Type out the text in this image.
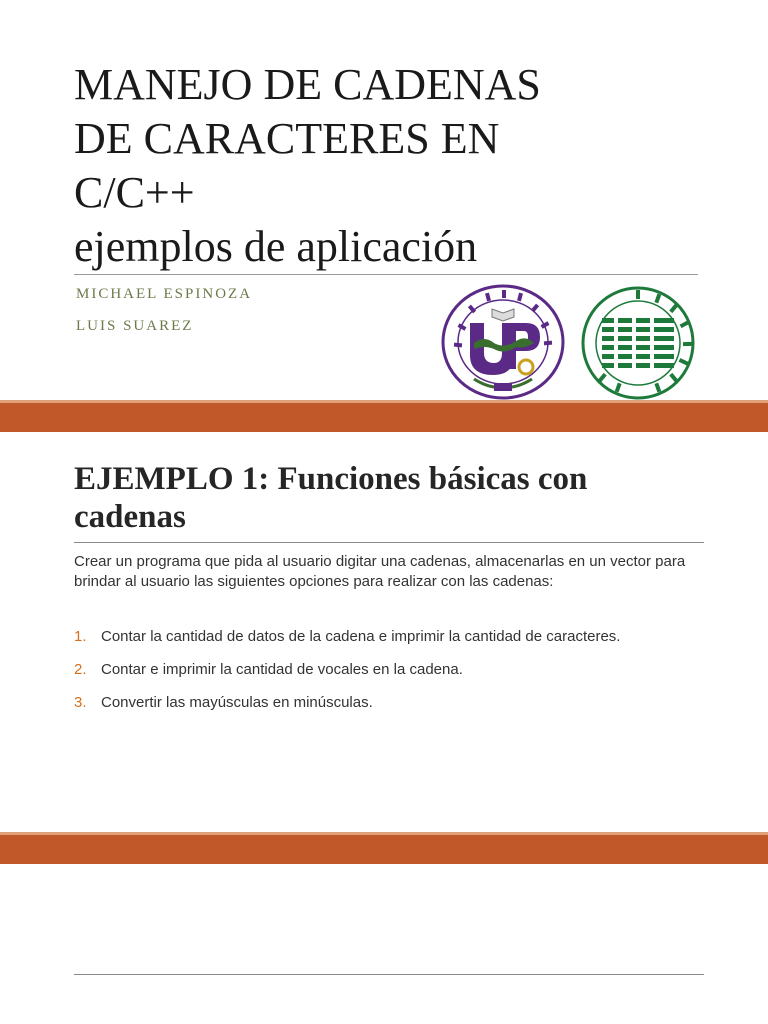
MANEJO DE CADENAS
DE CARACTERES EN
C/C++
ejemplos de aplicación
MICHAEL ESPINOZA
LUIS SUAREZ
EJEMPLO 1: Funciones básicas con cadenas

Crear un programa que pida al usuario digitar una cadenas, almacenarlas en un vector para brindar al usuario las siguientes opciones para realizar con las cadenas:

1. Contar la cantidad de datos de la cadena e imprimir la cantidad de caracteres.
2. Contar e imprimir la cantidad de vocales en la cadena.
3. Convertir las mayúsculas en minúsculas.
